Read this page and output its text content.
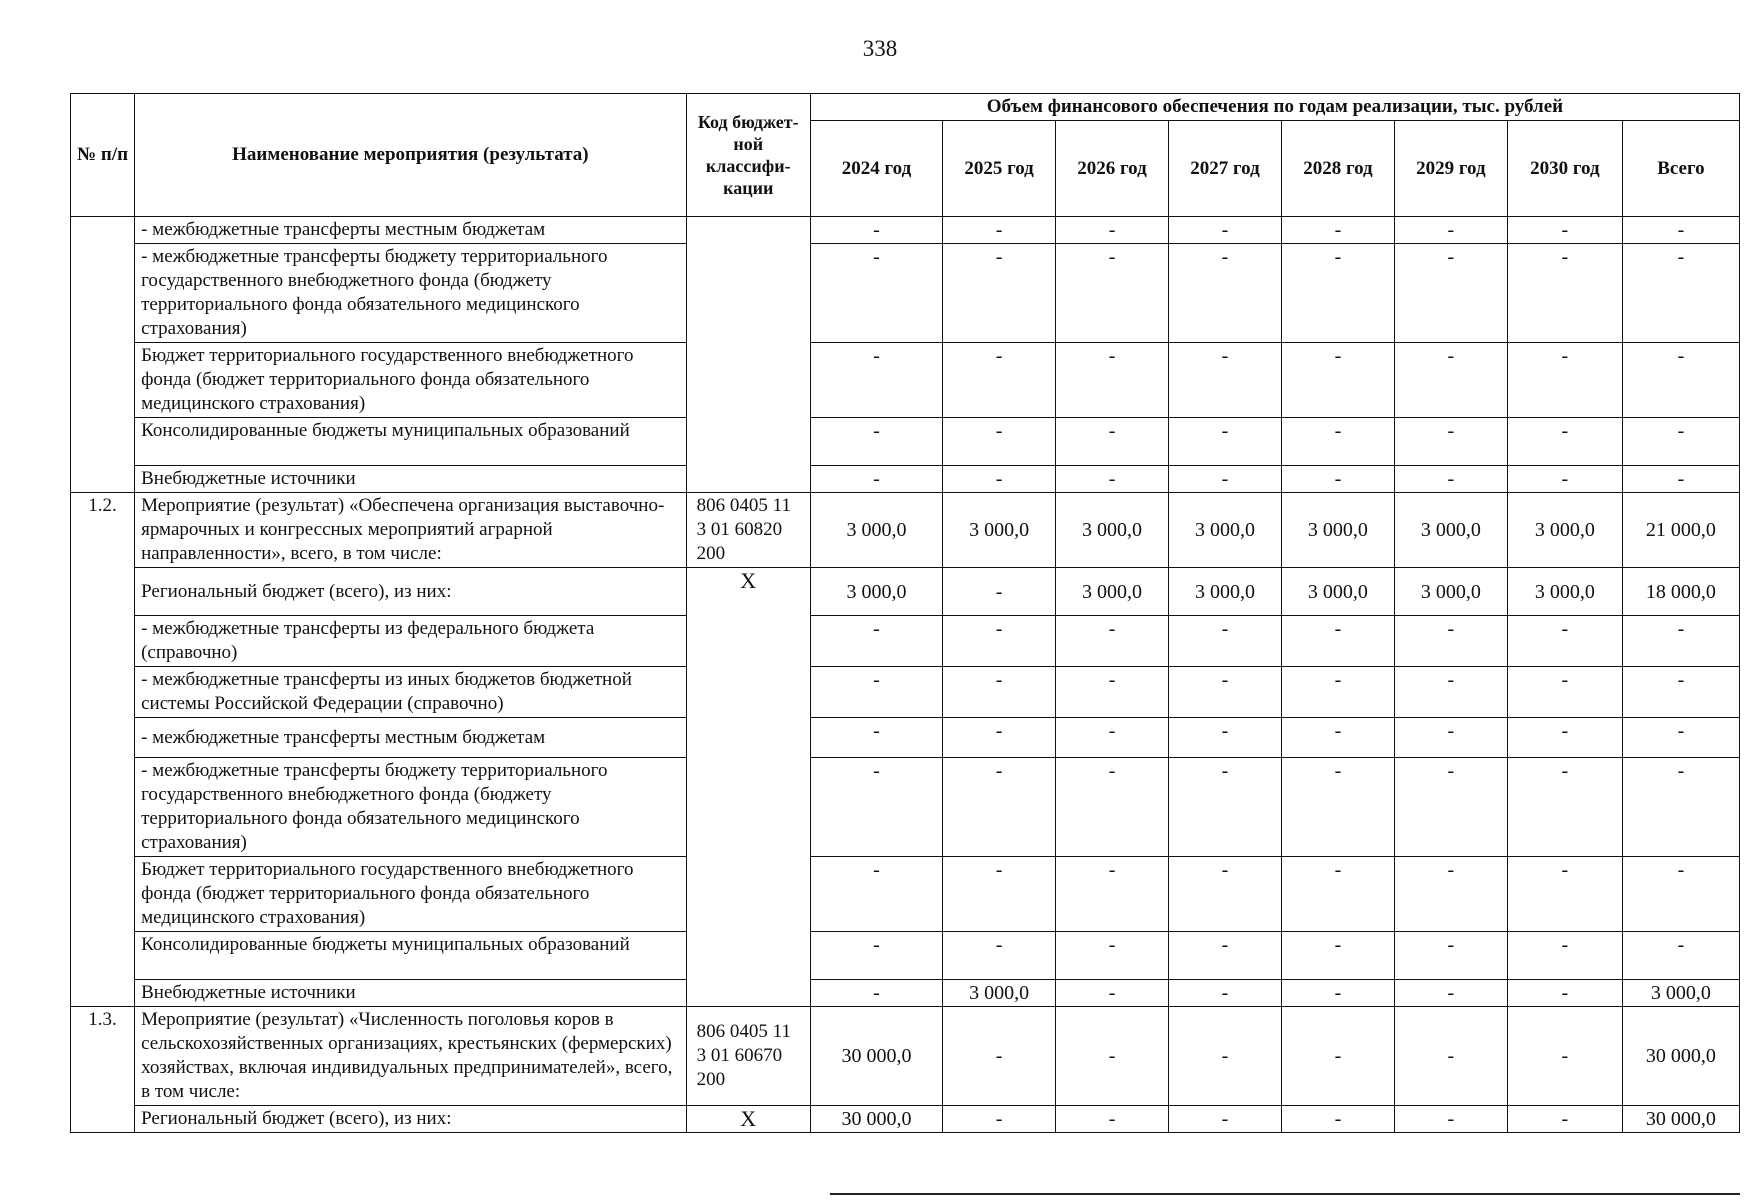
338
№ п/п	Наименование мероприятия (результата)	Код бюджет-ной классифи-кации	Объем финансового обеспечения по годам реализации, тыс. рублей							
			2024 год	2025 год	2026 год	2027 год	2028 год	2029 год	2030 год	Всего
	- межбюджетные трансферты местным бюджетам		-	-	-	-	-	-	-	-
	- межбюджетные трансферты бюджету территориального государственного внебюджетного фонда (бюджету территориального фонда обязательного медицинского страхования)		-	-	-	-	-	-	-	-
	Бюджет территориального государственного внебюджетного фонда (бюджет территориального фонда обязательного медицинского страхования)		-	-	-	-	-	-	-	-
	Консолидированные бюджеты муниципальных образований		-	-	-	-	-	-	-	-
	Внебюджетные источники		-	-	-	-	-	-	-	-
1.2.	Мероприятие (результат) «Обеспечена организация выставочно-ярмарочных и конгрессных мероприятий аграрной направленности», всего, в том числе:	806 0405 11 3 01 60820 200	3 000,0	3 000,0	3 000,0	3 000,0	3 000,0	3 000,0	3 000,0	21 000,0
	Региональный бюджет (всего), из них:	Х	3 000,0	-	3 000,0	3 000,0	3 000,0	3 000,0	3 000,0	18 000,0
	- межбюджетные трансферты из федерального бюджета (справочно)		-	-	-	-	-	-	-	-
	- межбюджетные трансферты из иных бюджетов бюджетной системы Российской Федерации (справочно)		-	-	-	-	-	-	-	-
	- межбюджетные трансферты местным бюджетам		-	-	-	-	-	-	-	-
	- межбюджетные трансферты бюджету территориального государственного внебюджетного фонда (бюджету территориального фонда обязательного медицинского страхования)		-	-	-	-	-	-	-	-
	Бюджет территориального государственного внебюджетного фонда (бюджет территориального фонда обязательного медицинского страхования)		-	-	-	-	-	-	-	-
	Консолидированные бюджеты муниципальных образований		-	-	-	-	-	-	-	-
	Внебюджетные источники		-	3 000,0	-	-	-	-	-	3 000,0
1.3.	Мероприятие (результат) «Численность поголовья коров в сельскохозяйственных организациях, крестьянских (фермерских) хозяйствах, включая индивидуальных предпринимателей», всего, в том числе:	806 0405 11 3 01 60670 200	30 000,0	-	-	-	-	-	-	30 000,0
	Региональный бюджет (всего), из них:	Х	30 000,0	-	-	-	-	-	-	30 000,0
